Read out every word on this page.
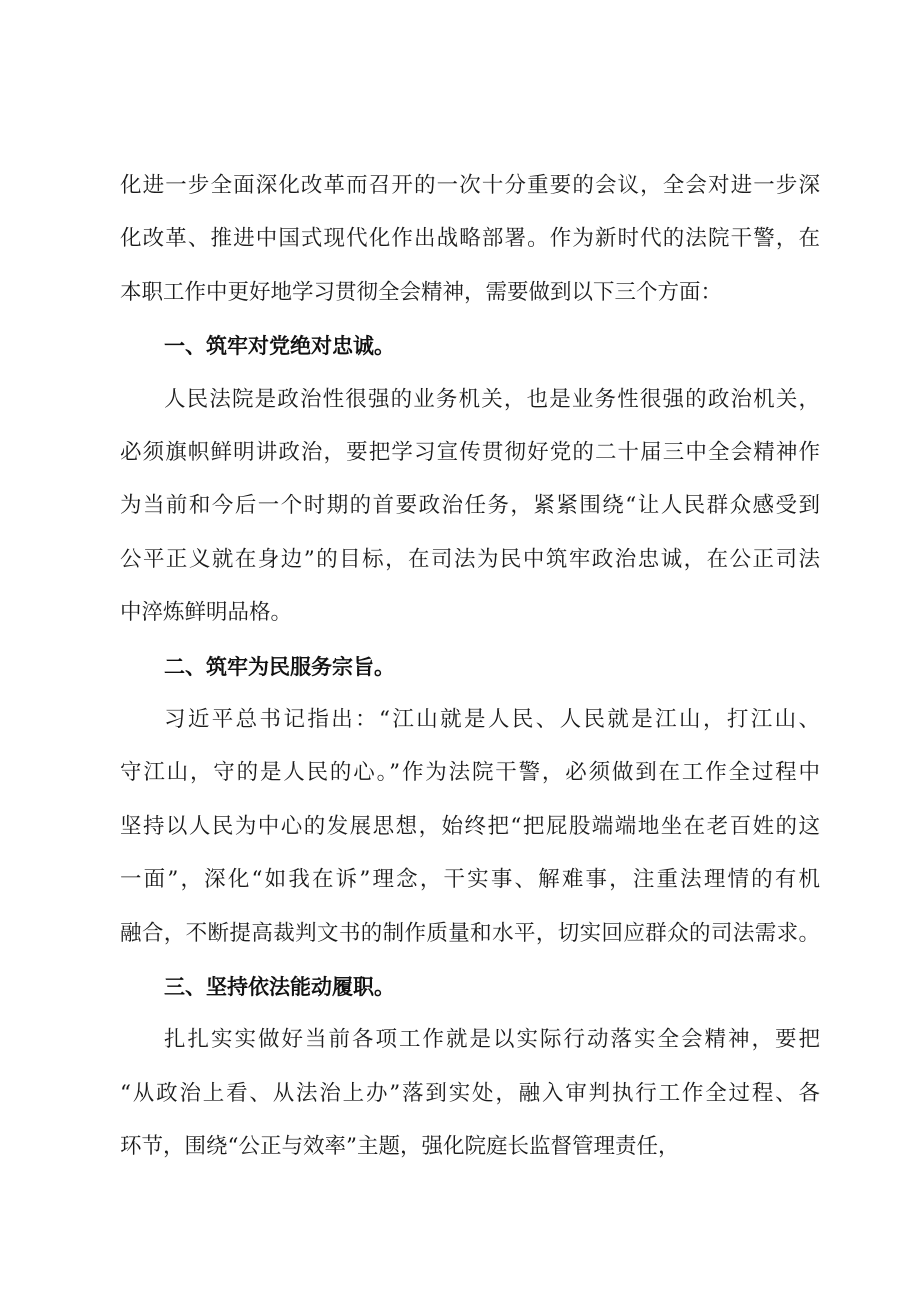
化进一步全面深化改革而召开的一次十分重要的会议，全会对进一步深
化改革、推进中国式现代化作出战略部署。作为新时代的法院干警，在
本职工作中更好地学习贯彻全会精神，需要做到以下三个方面：
一、筑牢对党绝对忠诚。
人民法院是政治性很强的业务机关，也是业务性很强的政治机关，
必须旗帜鲜明讲政治，要把学习宣传贯彻好党的二十届三中全会精神作
为当前和今后一个时期的首要政治任务，紧紧围绕“让人民群众感受到
公平正义就在身边”的目标，在司法为民中筑牢政治忠诚，在公正司法
中淬炼鲜明品格。
二、筑牢为民服务宗旨。
习近平总书记指出：“江山就是人民、人民就是江山，打江山、
守江山，守的是人民的心。”作为法院干警，必须做到在工作全过程中
坚持以人民为中心的发展思想，始终把“把屁股端端地坐在老百姓的这
一面”，深化“如我在诉”理念，干实事、解难事，注重法理情的有机
融合，不断提高裁判文书的制作质量和水平，切实回应群众的司法需求。
三、坚持依法能动履职。
扎扎实实做好当前各项工作就是以实际行动落实全会精神，要把
“从政治上看、从法治上办”落到实处，融入审判执行工作全过程、各
环节，围绕“公正与效率”主题，强化院庭长监督管理责任，
